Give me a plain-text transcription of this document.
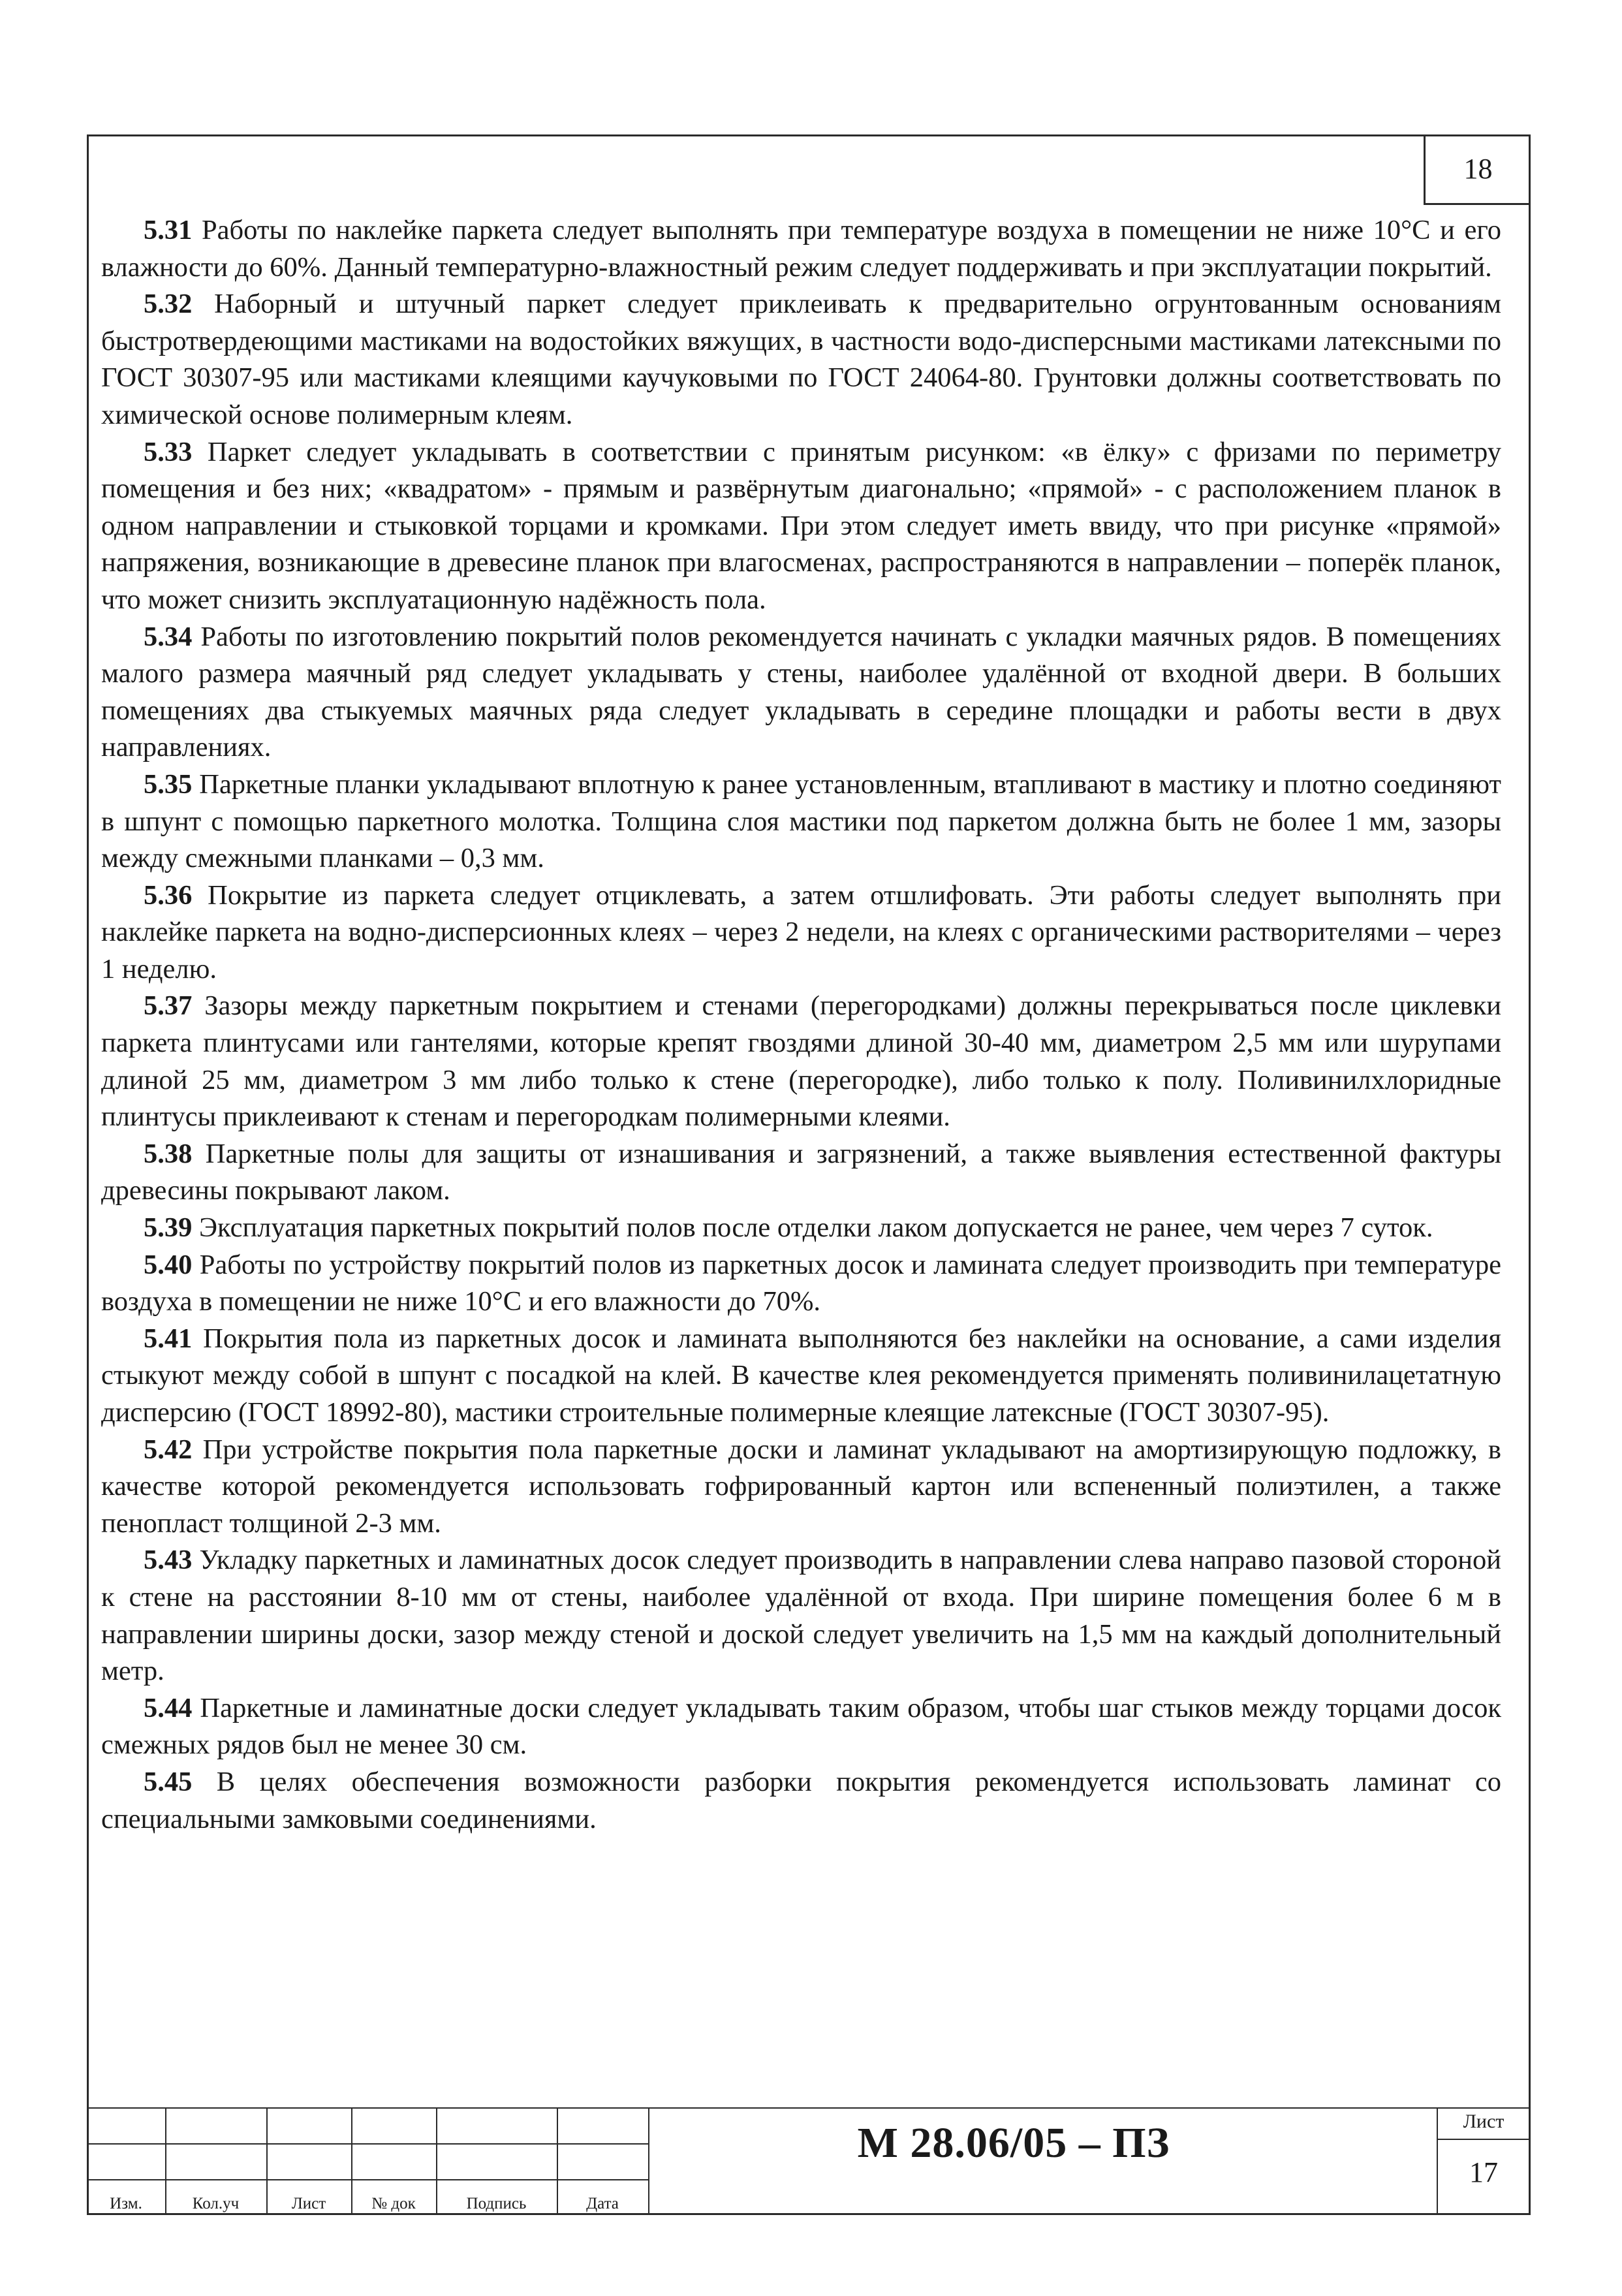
18

5.31 Работы по наклейке паркета следует выполнять при температуре воздуха в помещении не ниже 10°С и его влажности до 60%. Данный температурно-влажностный режим следует поддерживать и при эксплуатации покрытий.

5.32 Наборный и штучный паркет следует приклеивать к предварительно огрунтованным основаниям быстротвердеющими мастиками на водостойких вяжущих, в частности водо-дисперсными мастиками латексными по ГОСТ 30307-95 или мастиками клеящими каучуковыми по ГОСТ 24064-80. Грунтовки должны соответствовать по химической основе полимерным клеям.

5.33 Паркет следует укладывать в соответствии с принятым рисунком: «в ёлку» с фризами по периметру помещения и без них; «квадратом» - прямым и развёрнутым диагонально; «прямой» - с расположением планок в одном направлении и стыковкой торцами и кромками. При этом следует иметь ввиду, что при рисунке «прямой» напряжения, возникающие в древесине планок при влагосменах, распространяются в направлении – поперёк планок, что может снизить эксплуатационную надёжность пола.

5.34 Работы по изготовлению покрытий полов рекомендуется начинать с укладки маячных рядов. В помещениях малого размера маячный ряд следует укладывать у стены, наиболее удалённой от входной двери. В больших помещениях два стыкуемых маячных ряда следует укладывать в середине площадки и работы вести в двух направлениях.

5.35 Паркетные планки укладывают вплотную к ранее установленным, втапливают в мастику и плотно соединяют в шпунт с помощью паркетного молотка. Толщина слоя мастики под паркетом должна быть не более 1 мм, зазоры между смежными планками – 0,3 мм.

5.36 Покрытие из паркета следует отциклевать, а затем отшлифовать. Эти работы следует выполнять при наклейке паркета на водно-дисперсионных клеях – через 2 недели, на клеях с органическими растворителями – через 1 неделю.

5.37 Зазоры между паркетным покрытием и стенами (перегородками) должны перекрываться после циклевки паркета плинтусами или гантелями, которые крепят гвоздями длиной 30-40 мм, диаметром 2,5 мм или шурупами длиной 25 мм, диаметром 3 мм либо только к стене (перегородке), либо только к полу. Поливинилхлоридные плинтусы приклеивают к стенам и перегородкам полимерными клеями.

5.38 Паркетные полы для защиты от изнашивания и загрязнений, а также выявления естественной фактуры древесины покрывают лаком.

5.39 Эксплуатация паркетных покрытий полов после отделки лаком допускается не ранее, чем через 7 суток.

5.40 Работы по устройству покрытий полов из паркетных досок и ламината следует производить при температуре воздуха в помещении не ниже 10°С и его влажности до 70%.

5.41 Покрытия пола из паркетных досок и ламината выполняются без наклейки на основание, а сами изделия стыкуют между собой в шпунт с посадкой на клей. В качестве клея рекомендуется применять поливинилацетатную дисперсию (ГОСТ 18992-80), мастики строительные полимерные клеящие латексные (ГОСТ 30307-95).

5.42 При устройстве покрытия пола паркетные доски и ламинат укладывают на амортизирующую подложку, в качестве которой рекомендуется использовать гофрированный картон или вспененный полиэтилен, а также пенопласт толщиной 2-3 мм.

5.43 Укладку паркетных и ламинатных досок следует производить в направлении слева направо пазовой стороной к стене на расстоянии 8-10 мм от стены, наиболее удалённой от входа. При ширине помещения более 6 м в направлении ширины доски, зазор между стеной и доской следует увеличить на 1,5 мм на каждый дополнительный метр.

5.44 Паркетные и ламинатные доски следует укладывать таким образом, чтобы шаг стыков между торцами досок смежных рядов был не менее 30 см.

5.45 В целях обеспечения возможности разборки покрытия рекомендуется использовать ламинат со специальными замковыми соединениями.

М 28.06/05 – ПЗ
Изм.	Кол.уч	Лист	№ док	Подпись	Дата
Лист
17
